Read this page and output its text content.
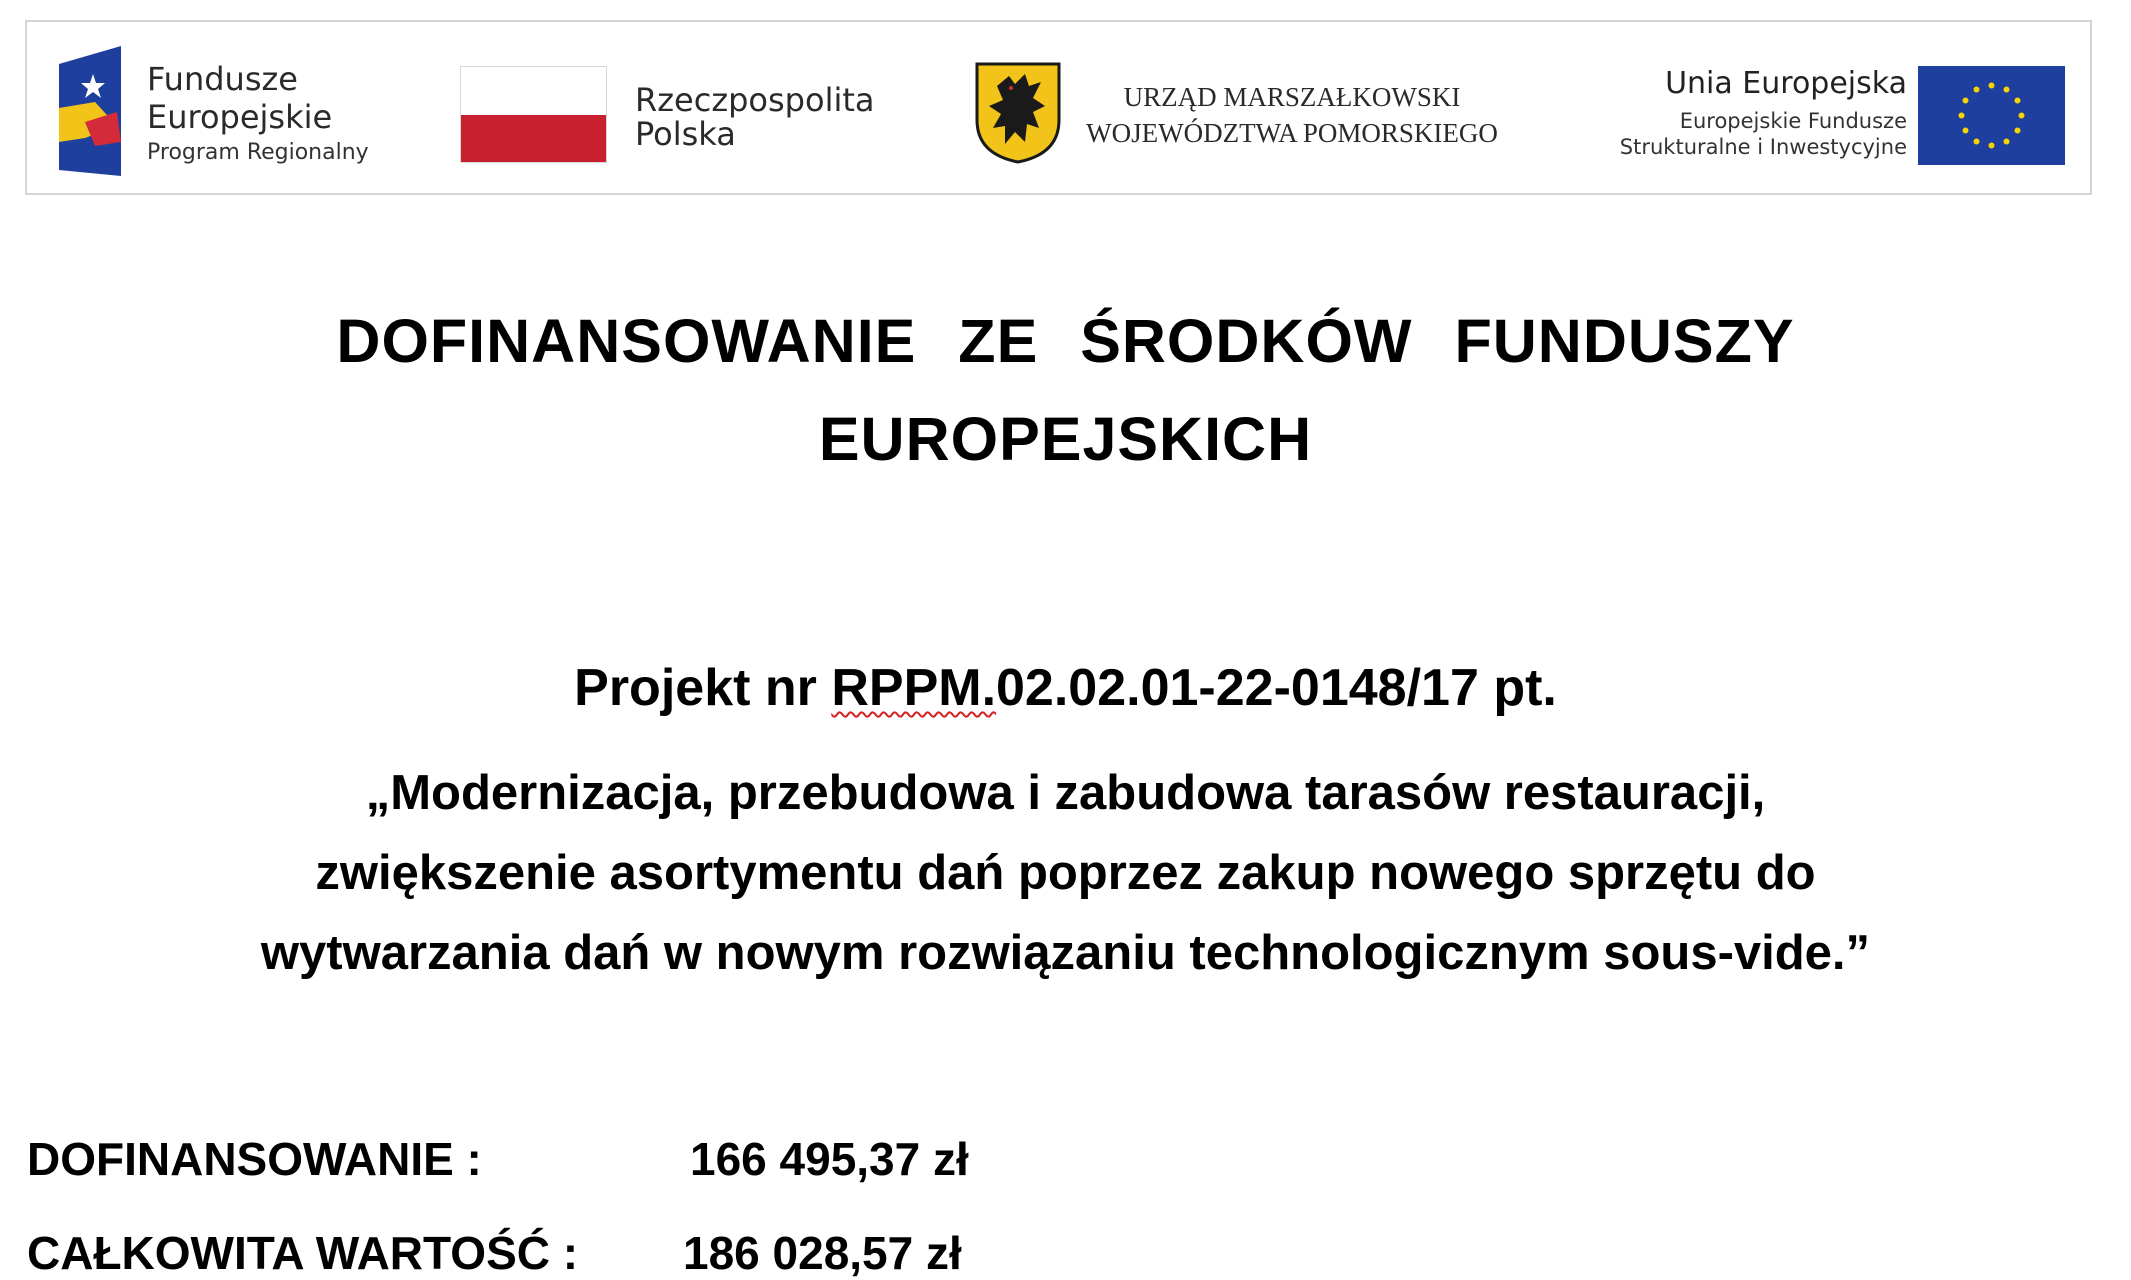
Fundusze
Europejskie
Program Regionalny
Rzeczpospolita
Polska
URZĄD MARSZAŁKOWSKI
WOJEWÓDZTWA POMORSKIEGO
Unia Europejska
Europejskie Fundusze
Strukturalne i Inwestycyjne
DOFINANSOWANIE ZE ŚRODKÓW FUNDUSZY
EUROPEJSKICH
Projekt nr RPPM.02.02.01-22-0148/17 pt.
„Modernizacja, przebudowa i zabudowa tarasów restauracji,
zwiększenie asortymentu dań poprzez zakup nowego sprzętu do
wytwarzania dań w nowym rozwiązaniu technologicznym sous-vide.”
DOFINANSOWANIE :	166 495,37 zł
CAŁKOWITA WARTOŚĆ : 186 028,57 zł
